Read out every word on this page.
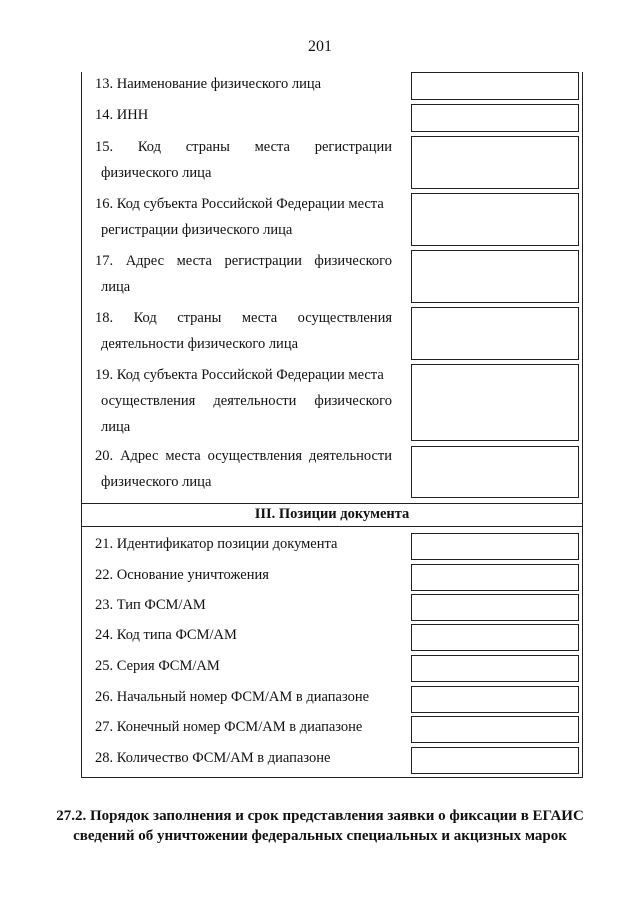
201
13. Наименование физического лица
14. ИНН
15. Код страны места регистрации
физического лица
16. Код субъекта Российской Федерации места
регистрации физического лица
17. Адрес места регистрации физического
лица
18. Код страны места осуществления
деятельности физического лица
19. Код субъекта Российской Федерации места
осуществления деятельности физического
лица
20. Адрес места осуществления деятельности
физического лица
III. Позиции документа
21. Идентификатор позиции документа
22. Основание уничтожения
23. Тип ФСМ/АМ
24. Код типа ФСМ/АМ
25. Серия ФСМ/АМ
26. Начальный номер ФСМ/АМ в диапазоне
27. Конечный номер ФСМ/АМ в диапазоне
28. Количество ФСМ/АМ в диапазоне
27.2. Порядок заполнения и срок представления заявки о фиксации в ЕГАИС
сведений об уничтожении федеральных специальных и акцизных марок
